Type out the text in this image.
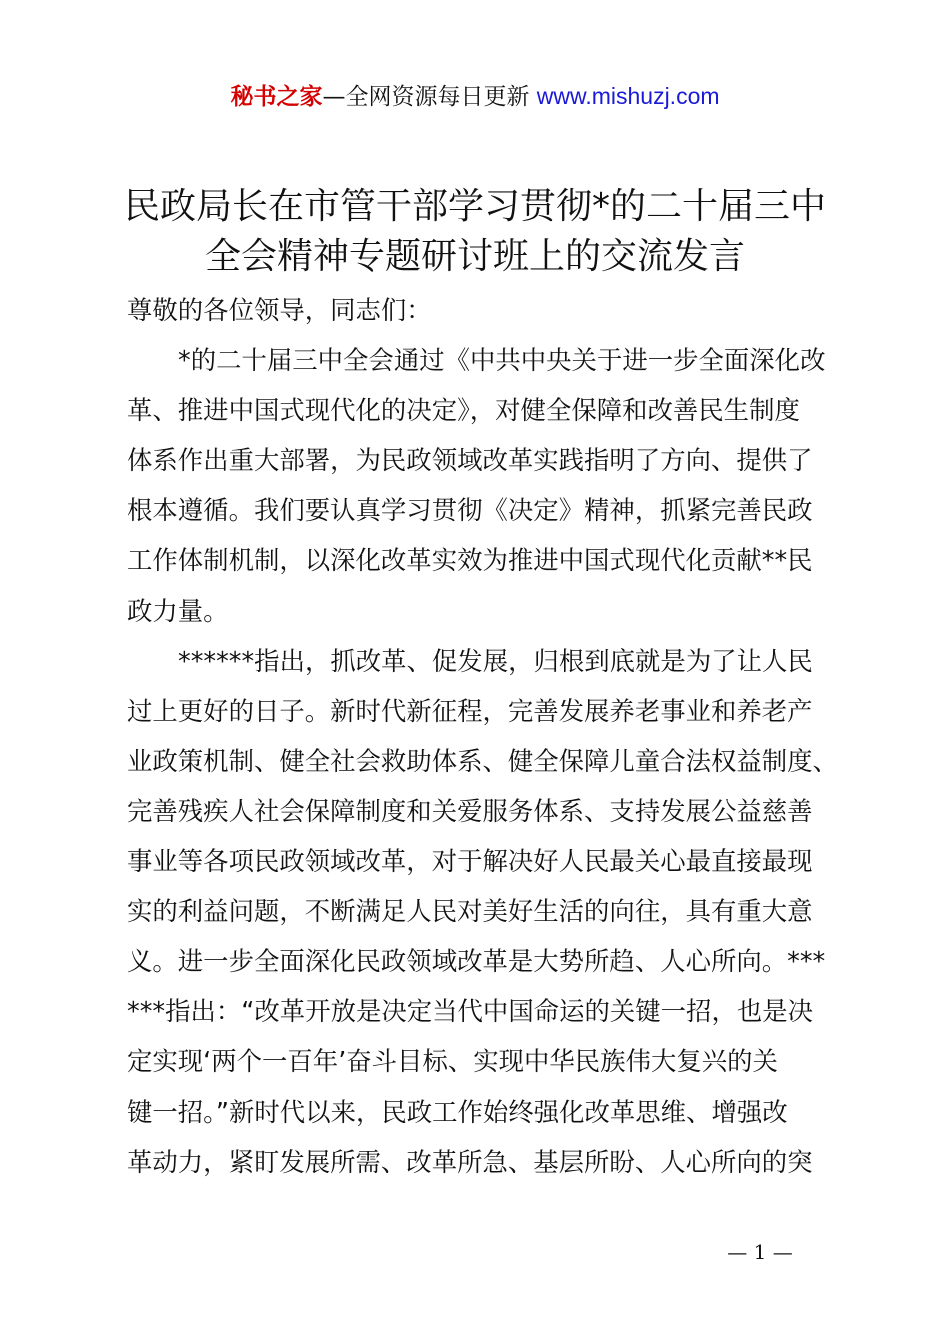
秘书之家—全网资源每日更新 www.mishuzj.com
民政局长在市管干部学习贯彻*的二十届三中
全会精神专题研讨班上的交流发言
尊敬的各位领导，同志们：
*的二十届三中全会通过《中共中央关于进一步全面深化改
革、推进中国式现代化的决定》，对健全保障和改善民生制度
体系作出重大部署，为民政领域改革实践指明了方向、提供了
根本遵循。我们要认真学习贯彻《决定》精神，抓紧完善民政
工作体制机制，以深化改革实效为推进中国式现代化贡献**民
政力量。
******指出，抓改革、促发展，归根到底就是为了让人民
过上更好的日子。新时代新征程，完善发展养老事业和养老产
业政策机制、健全社会救助体系、健全保障儿童合法权益制度、
完善残疾人社会保障制度和关爱服务体系、支持发展公益慈善
事业等各项民政领域改革，对于解决好人民最关心最直接最现
实的利益问题，不断满足人民对美好生活的向往，具有重大意
义。进一步全面深化民政领域改革是大势所趋、人心所向。***
***指出：“改革开放是决定当代中国命运的关键一招，也是决
定实现‘两个一百年’奋斗目标、实现中华民族伟大复兴的关
键一招。”新时代以来，民政工作始终强化改革思维、增强改
革动力，紧盯发展所需、改革所急、基层所盼、人心所向的突
— 1 —
